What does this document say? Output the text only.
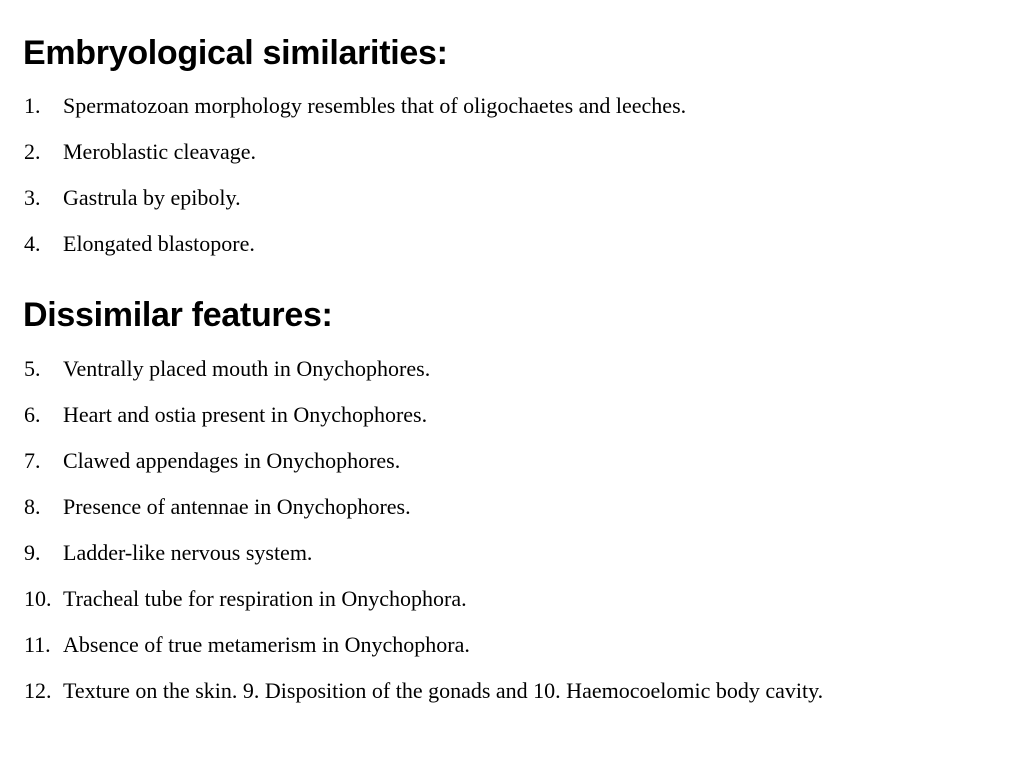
Embryological similarities:
1.	Spermatozoan morphology resembles that of oligochaetes and leeches.
2.	Meroblastic cleavage.
3.	Gastrula by epiboly.
4.	Elongated blastopore.
Dissimilar features:
5.	Ventrally placed mouth in Onychophores.
6.	Heart and ostia present in Onychophores.
7.	Clawed appendages in Onychophores.
8.	Presence of antennae in Onychophores.
9.	Ladder-like nervous system.
10. Tracheal tube for respiration in Onychophora.
11. Absence of true metamerism in Onychophora.
12. Texture on the skin. 9. Disposition of the gonads and 10. Haemocoelomic body cavity.
